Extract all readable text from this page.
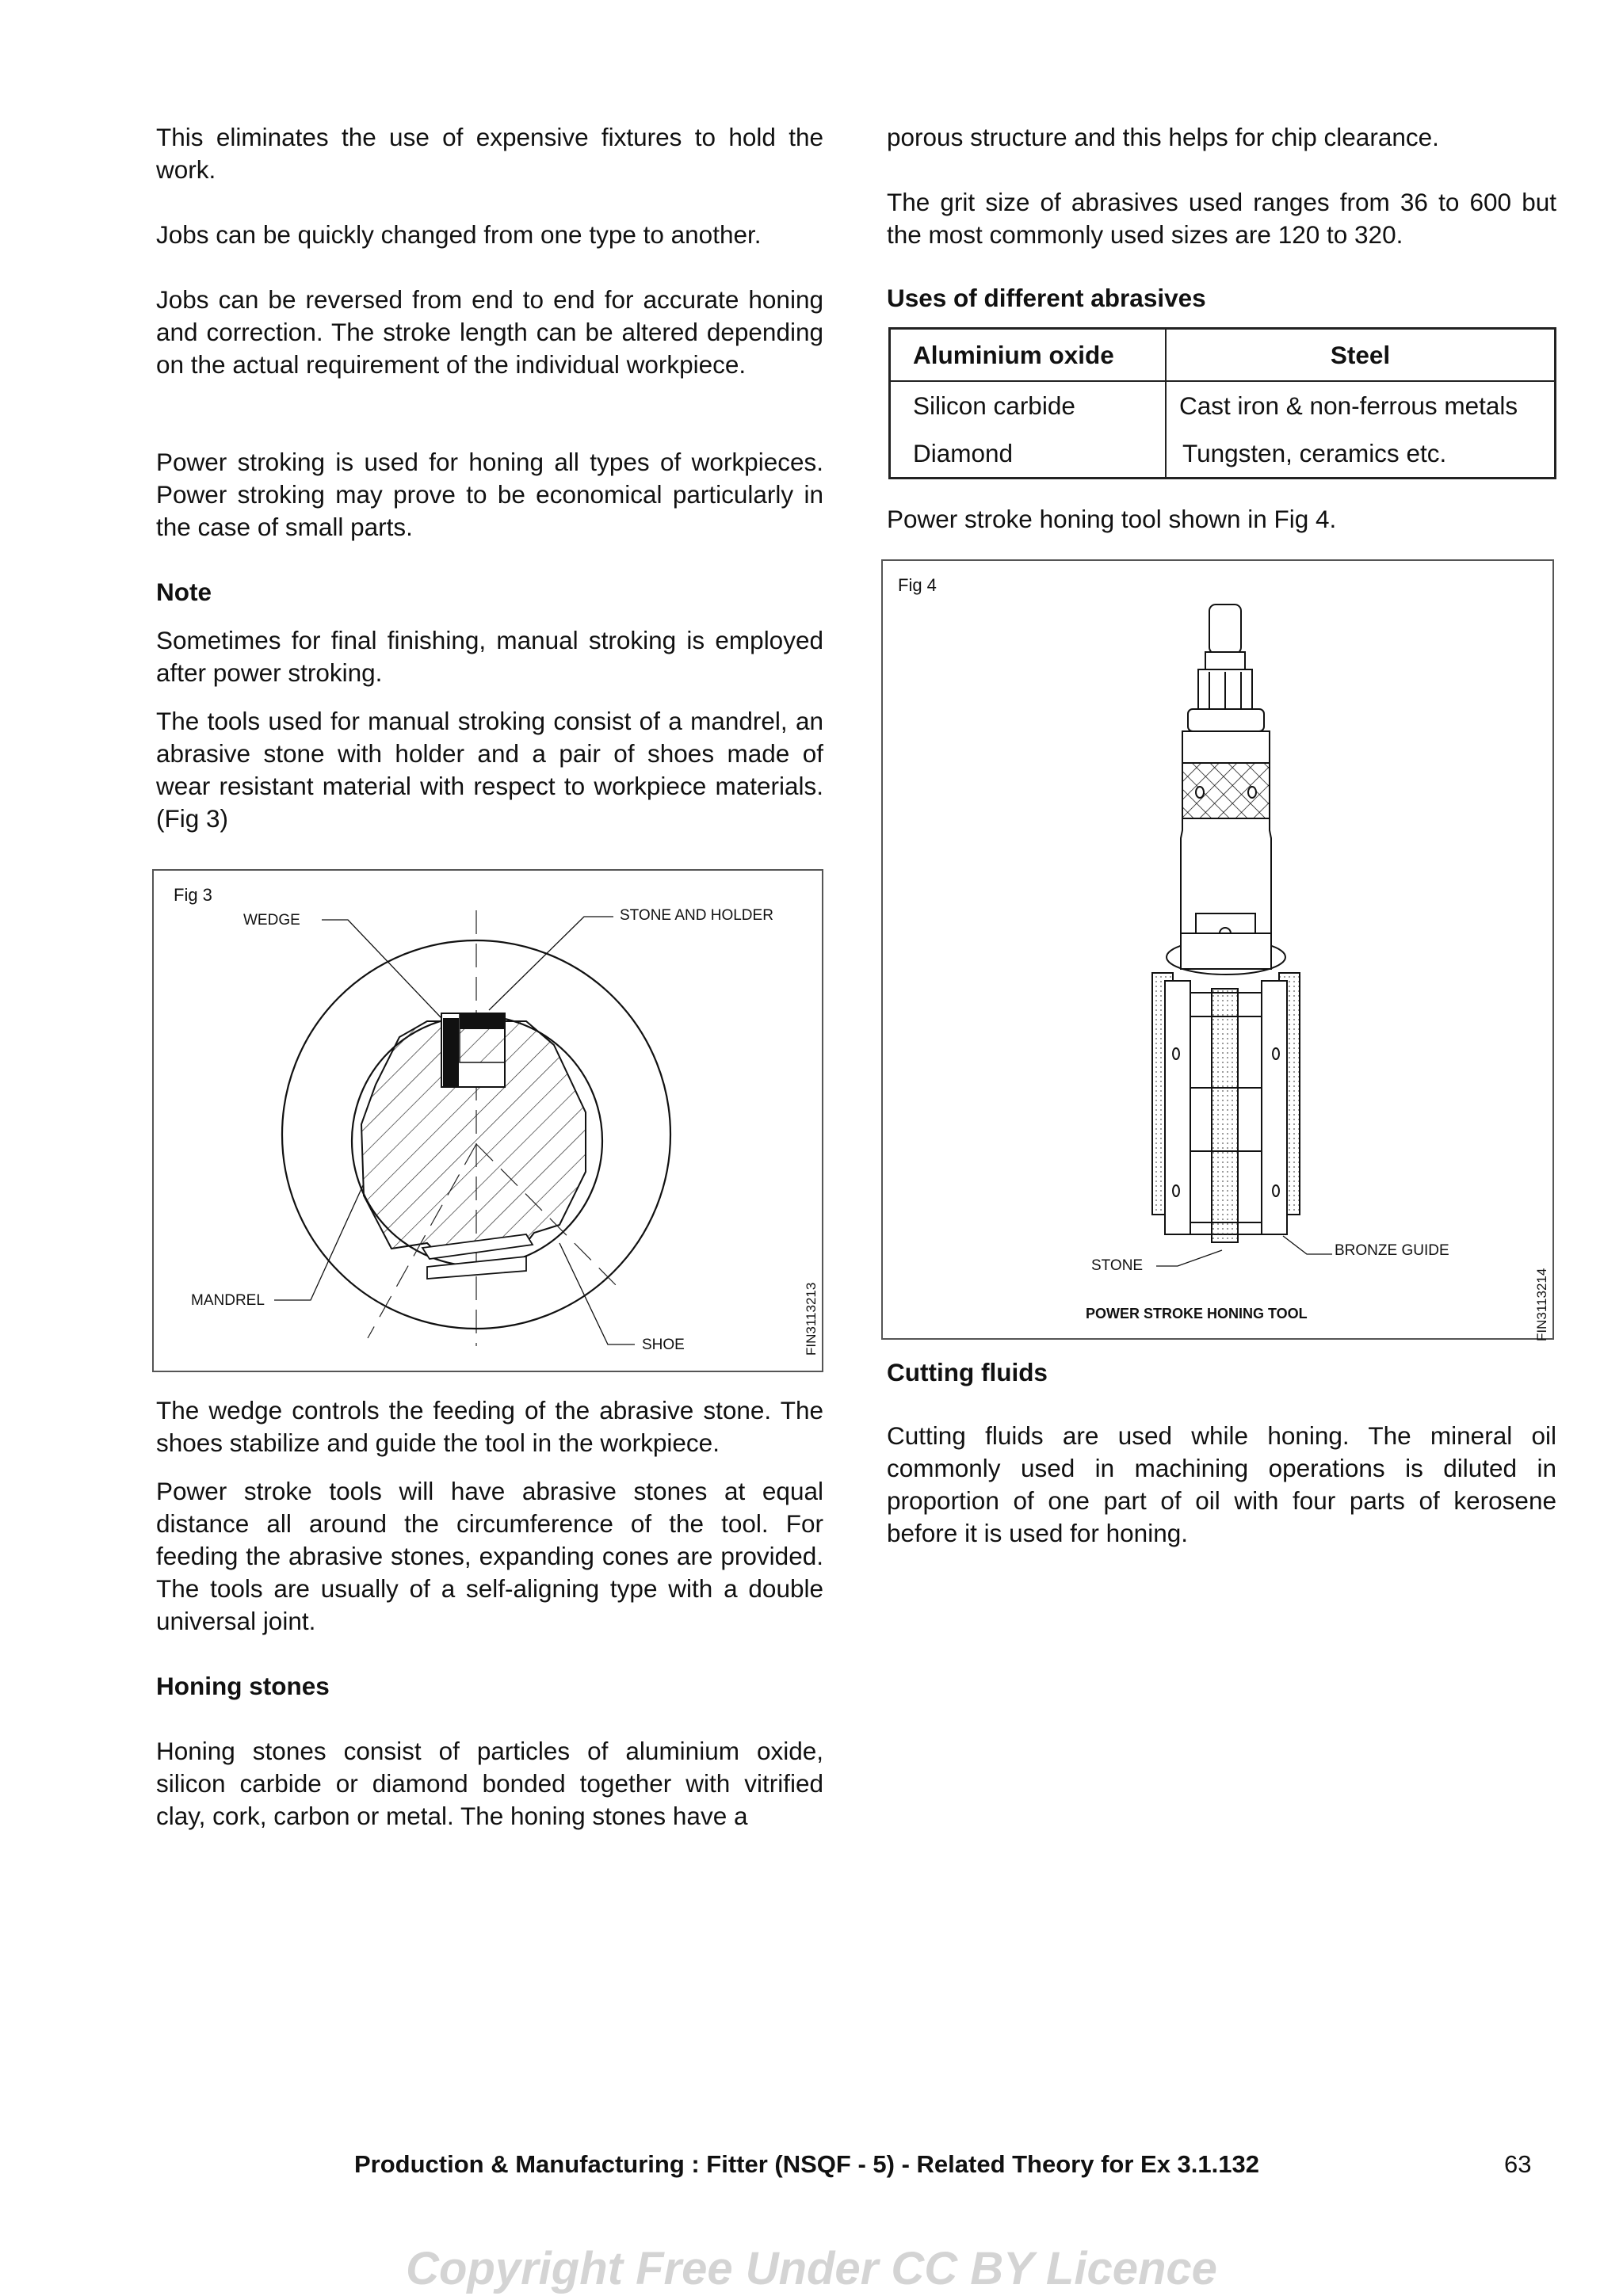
This eliminates the use of expensive fixtures to hold the work.

Jobs can be quickly changed from one type to another.

Jobs can be reversed from end to end for accurate honing and correction. The stroke length can be altered depending on the actual requirement of the individual workpiece.

Power stroking is used for honing all types of workpieces. Power stroking may prove to be economical particularly in the case of small parts.

Note

Sometimes for final finishing, manual stroking is employed after power stroking.

The tools used for manual stroking consist of a mandrel, an abrasive stone with holder and a pair of shoes made of wear resistant material with respect to workpiece materials. (Fig 3)

Fig 3
WEDGE	STONE AND HOLDER
MANDREL
SHOE	FIN3113213

The wedge controls the feeding of the abrasive stone. The shoes stabilize and guide the tool in the workpiece.

Power stroke tools will have abrasive stones at equal distance all around the circumference of the tool. For feeding the abrasive stones, expanding cones are provided. The tools are usually of a self-aligning type with a double universal joint.

Honing stones

Honing stones consist of particles of aluminium oxide, silicon carbide or diamond bonded together with vitrified clay, cork, carbon or metal. The honing stones have a

porous structure and this helps for chip clearance.

The grit size of abrasives used ranges from 36 to 600 but the most commonly used sizes are 120 to 320.

Uses of different abrasives

Aluminium oxide	Steel
Silicon carbide	Cast iron & non-ferrous metals
Diamond	Tungsten, ceramics etc.

Power stroke honing tool shown in Fig 4.

Fig 4
STONE
BRONZE GUIDE
POWER STROKE HONING TOOL	FIN3113214

Cutting fluids

Cutting fluids are used while honing. The mineral oil commonly used in machining operations is diluted in proportion of one part of oil with four parts of kerosene before it is used for honing.

Production & Manufacturing : Fitter (NSQF - 5) - Related Theory for Ex 3.1.132	63
Copyright Free Under CC BY Licence
